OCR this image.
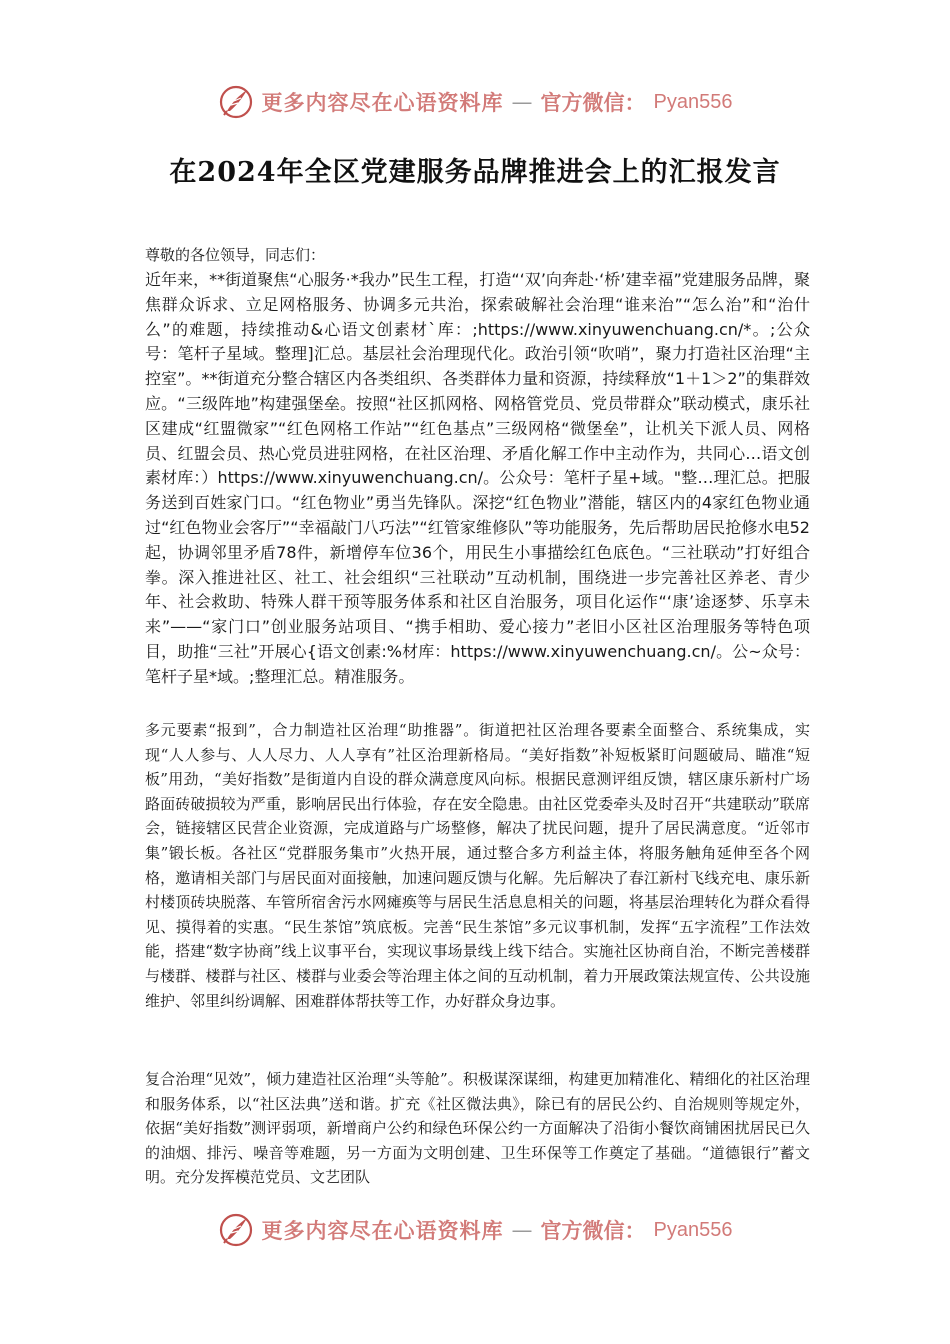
更多内容尽在心语资料库 — 官方微信： Pyan556
在2024年全区党建服务品牌推进会上的汇报发言
尊敬的各位领导，同志们：

近年来，**街道聚焦“心服务·*我办”民生工程，打造“‘双’向奔赴·‘桥’建幸福”党建服务品牌，聚焦群众诉求、立足网格服务、协调多元共治，探索破解社会治理“谁来治”“怎么治”和“治什么”的难题，持续推动&心语文创素材`库：;https://www.xinyuwenchuang.cn/*。;公众号：笔杆子星域。整理]汇总。基层社会治理现代化。政治引领“吹哨”，聚力打造社区治理“主控室”。**街道充分整合辖区内各类组织、各类群体力量和资源，持续释放“1＋1＞2”的集群效应。“三级阵地”构建强堡垒。按照“社区抓网格、网格管党员、党员带群众”联动模式，康乐社区建成“红盟微家”“红色网格工作站”“红色基点”三级网格“微堡垒”，让机关下派人员、网格员、红盟会员、热心党员进驻网格，在社区治理、矛盾化解工作中主动作为，共同心…语文创素材库：）https://www.xinyuwenchuang.cn/。公众号：笔杆子星+域。"整…理汇总。把服务送到百姓家门口。“红色物业”勇当先锋队。深挖“红色物业”潜能，辖区内的4家红色物业通过“红色物业会客厅”“幸福敲门八巧法”“红管家维修队”等功能服务，先后帮助居民抢修水电52起，协调邻里矛盾78件，新增停车位36个，用民生小事描绘红色底色。“三社联动”打好组合拳。深入推进社区、社工、社会组织“三社联动”互动机制，围绕进一步完善社区养老、青少年、社会救助、特殊人群干预等服务体系和社区自治服务，项目化运作“‘康’途逐梦、乐享未来”——“家门口”创业服务站项目、“携手相助、爱心接力”老旧小区社区治理服务等特色项目，助推“三社”开展心{语文创素:%材库：https://www.xinyuwenchuang.cn/。公~众号：笔杆子星*域。;整理汇总。精准服务。

多元要素“报到”，合力制造社区治理“助推器”。街道把社区治理各要素全面整合、系统集成，实现“人人参与、人人尽力、人人享有”社区治理新格局。“美好指数”补短板紧盯问题破局、瞄准“短板”用劲，“美好指数”是街道内自设的群众满意度风向标。根据民意测评组反馈，辖区康乐新村广场路面砖破损较为严重，影响居民出行体验，存在安全隐患。由社区党委牵头及时召开“共建联动”联席会，链接辖区民营企业资源，完成道路与广场整修，解决了扰民问题，提升了居民满意度。“近邻市集”锻长板。各社区“党群服务集市”火热开展，通过整合多方利益主体，将服务触角延伸至各个网格，邀请相关部门与居民面对面接触，加速问题反馈与化解。先后解决了春江新村飞线充电、康乐新村楼顶砖块脱落、车管所宿舍污水网瘫痪等与居民生活息息相关的问题，将基层治理转化为群众看得见、摸得着的实惠。“民生茶馆”筑底板。完善“民生茶馆”多元议事机制，发挥“五字流程”工作法效能，搭建“数字协商”线上议事平台，实现议事场景线上线下结合。实施社区协商自治，不断完善楼群与楼群、楼群与社区、楼群与业委会等治理主体之间的互动机制，着力开展政策法规宣传、公共设施维护、邻里纠纷调解、困难群体帮扶等工作，办好群众身边事。

复合治理“见效”，倾力建造社区治理“头等舱”。积极谋深谋细，构建更加精准化、精细化的社区治理和服务体系，以“社区法典”送和谐。扩充《社区微法典》，除已有的居民公约、自治规则等规定外，依据“美好指数”测评弱项，新增商户公约和绿色环保公约一方面解决了沿街小餐饮商铺困扰居民已久的油烟、排污、噪音等难题，另一方面为文明创建、卫生环保等工作奠定了基础。“道德银行”蓄文明。充分发挥模范党员、文艺团队

更多内容尽在心语资料库 — 官方微信： Pyan556
